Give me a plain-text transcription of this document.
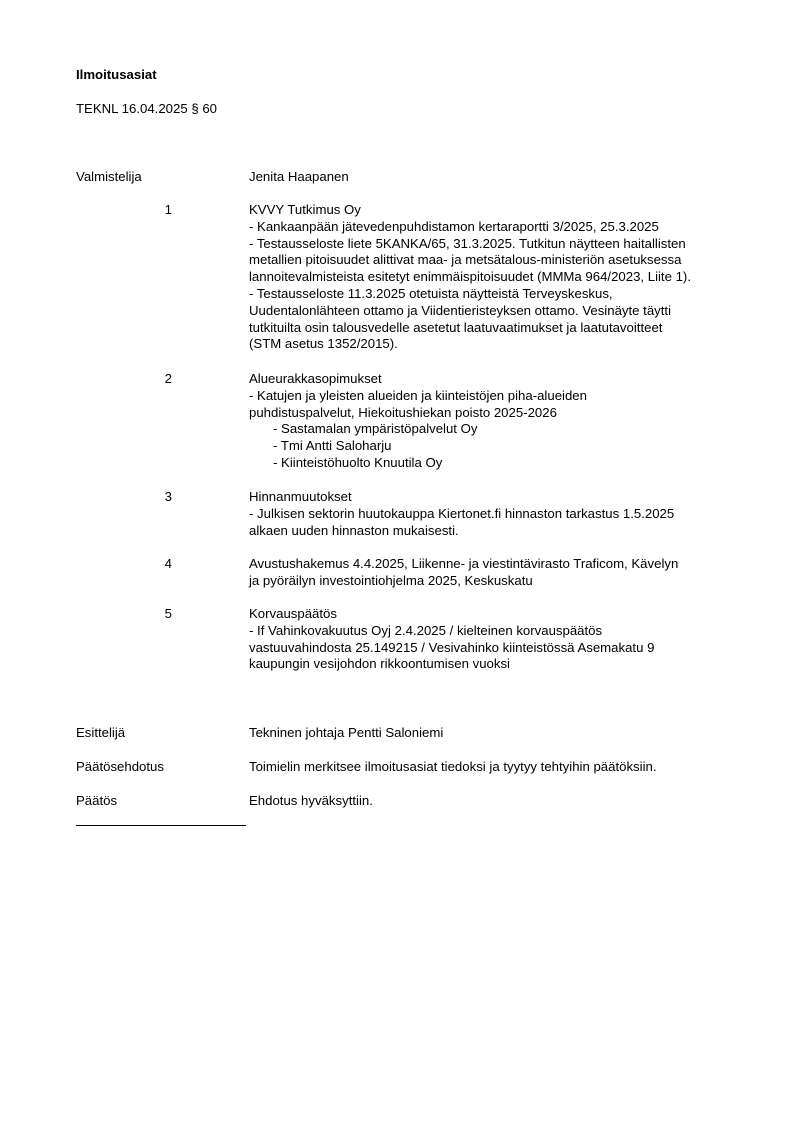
Ilmoitusasiat
TEKNL 16.04.2025 § 60
Valmistelija	Jenita Haapanen
1	KVVY Tutkimus Oy
- Kankaanpään jätevedenpuhdistamon kertaraportti 3/2025, 25.3.2025
- Testausseloste liete 5KANKA/65, 31.3.2025. Tutkitun näytteen haitallisten
metallien pitoisuudet alittivat maa- ja metsätalous-ministeriön asetuksessa
lannoitevalmisteista esitetyt enimmäispitoisuudet (MMMa 964/2023, Liite 1).
- Testausseloste 11.3.2025 otetuista näytteistä Terveyskeskus,
Uudentalonlähteen ottamo ja Viidentieristeyksen ottamo. Vesinäyte täytti
tutkituilta osin talousvedelle asetetut laatuvaatimukset ja laatutavoitteet
(STM asetus 1352/2015).
2	Alueurakkasopimukset
- Katujen ja yleisten alueiden ja kiinteistöjen piha-alueiden
puhdistuspalvelut, Hiekoitushiekan poisto 2025-2026
- Sastamalan ympäristöpalvelut Oy
- Tmi Antti Saloharju
- Kiinteistöhuolto Knuutila Oy
3	Hinnanmuutokset
- Julkisen sektorin huutokauppa Kiertonet.fi hinnaston tarkastus 1.5.2025
alkaen uuden hinnaston mukaisesti.
4	Avustushakemus 4.4.2025, Liikenne- ja viestintävirasto Traficom, Kävelyn
ja pyöräilyn investointiohjelma 2025, Keskuskatu
5	Korvauspäätös
- If Vahinkovakuutus Oyj 2.4.2025 / kielteinen korvauspäätös
vastuuvahindosta 25.149215 / Vesivahinko kiinteistössä Asemakatu 9
kaupungin vesijohdon rikkoontumisen vuoksi
Esittelijä	Tekninen johtaja Pentti Saloniemi
Päätösehdotus	Toimielin merkitsee ilmoitusasiat tiedoksi ja tyytyy tehtyihin päätöksiin.
Päätös	Ehdotus hyväksyttiin.
